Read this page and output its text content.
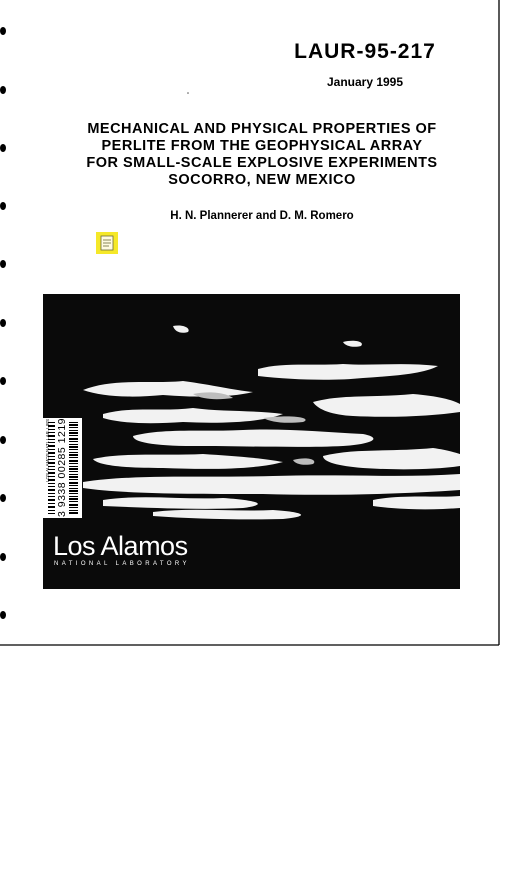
LAUR-95-217
January 1995
MECHANICAL AND PHYSICAL PROPERTIES OF
PERLITE FROM THE GEOPHYSICAL ARRAY
FOR SMALL-SCALE EXPLOSIVE EXPERIMENTS
SOCORRO, NEW MEXICO
H. N. Plannerer and D. M. Romero
Photograph by Chris J. Lindberg
Los Alamos
NATIONAL LABORATORY
LOS ALAMOS NATL LAB. LIBS 3 9338 00285 1219
